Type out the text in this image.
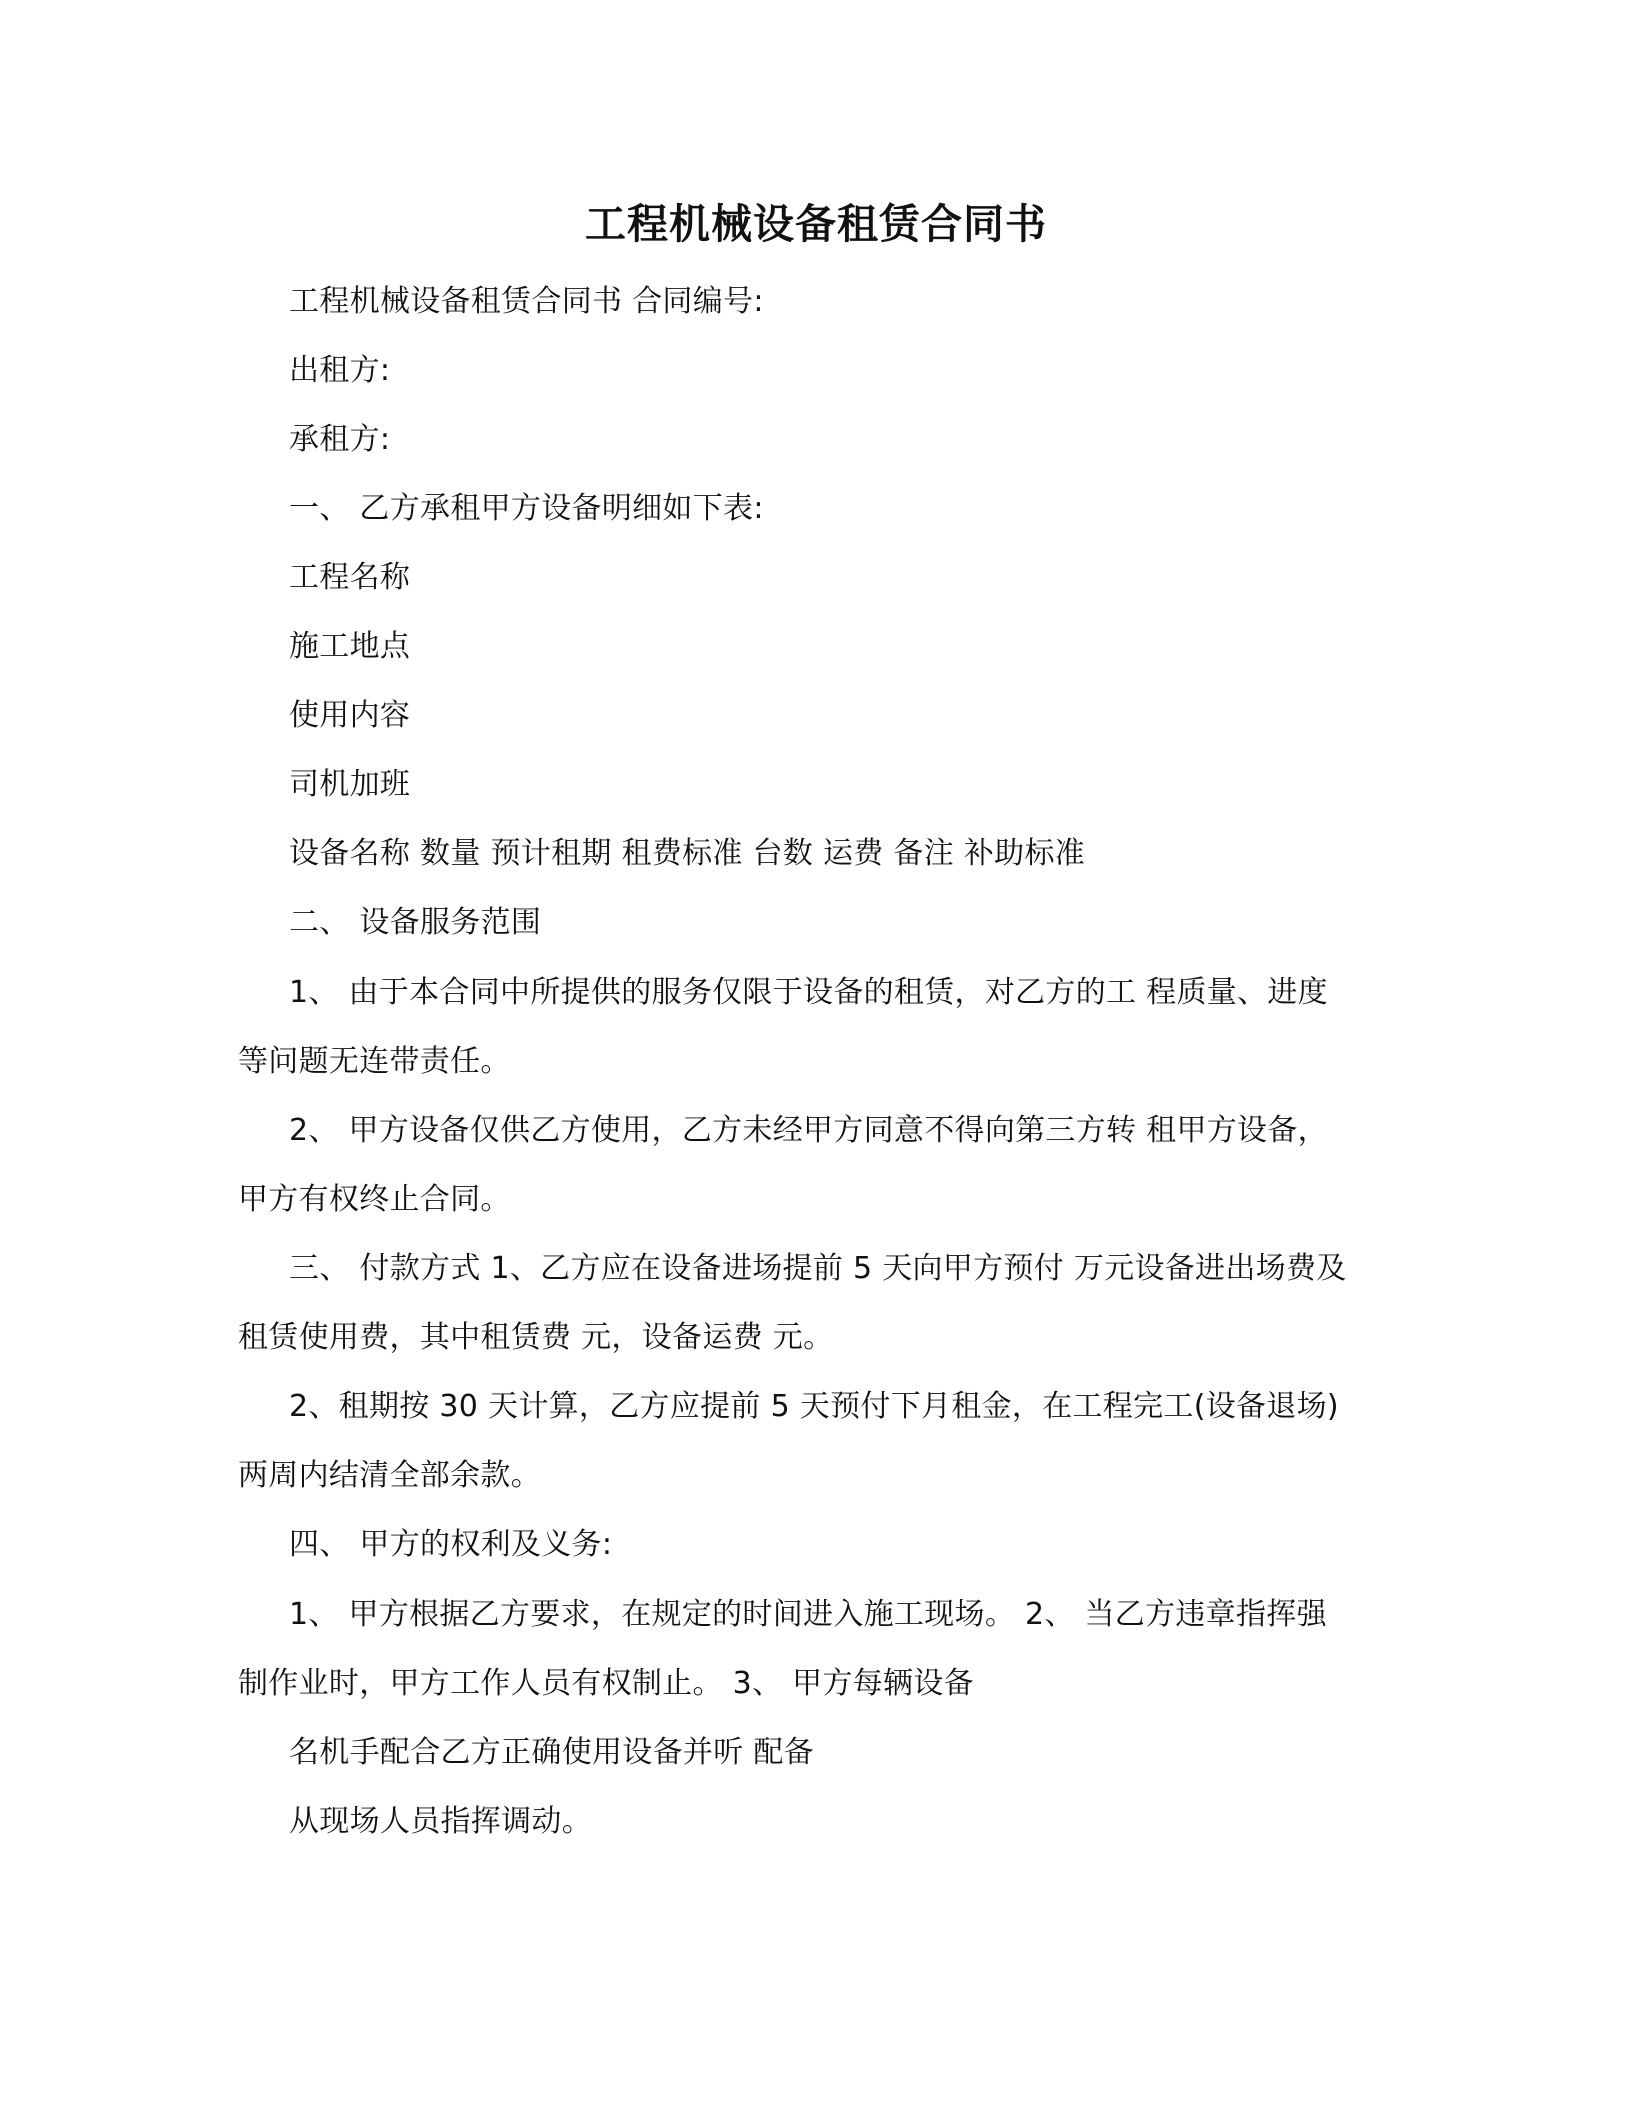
工程机械设备租赁合同书
工程机械设备租赁合同书 合同编号:
出租方:
承租方:
一、 乙方承租甲方设备明细如下表:
工程名称
施工地点
使用内容
司机加班
设备名称 数量 预计租期 租费标准 台数 运费 备注 补助标准
二、 设备服务范围
1、 由于本合同中所提供的服务仅限于设备的租赁，对乙方的工 程质量、进度
等问题无连带责任。
2、 甲方设备仅供乙方使用，乙方未经甲方同意不得向第三方转 租甲方设备，
甲方有权终止合同。
三、 付款方式 1、乙方应在设备进场提前 5 天向甲方预付 万元设备进出场费及
租赁使用费，其中租赁费 元，设备运费 元。
2、租期按 30 天计算，乙方应提前 5 天预付下月租金，在工程完工(设备退场)
两周内结清全部余款。
四、 甲方的权利及义务:
1、 甲方根据乙方要求，在规定的时间进入施工现场。 2、 当乙方违章指挥强
制作业时，甲方工作人员有权制止。 3、 甲方每辆设备
名机手配合乙方正确使用设备并听 配备
从现场人员指挥调动。
